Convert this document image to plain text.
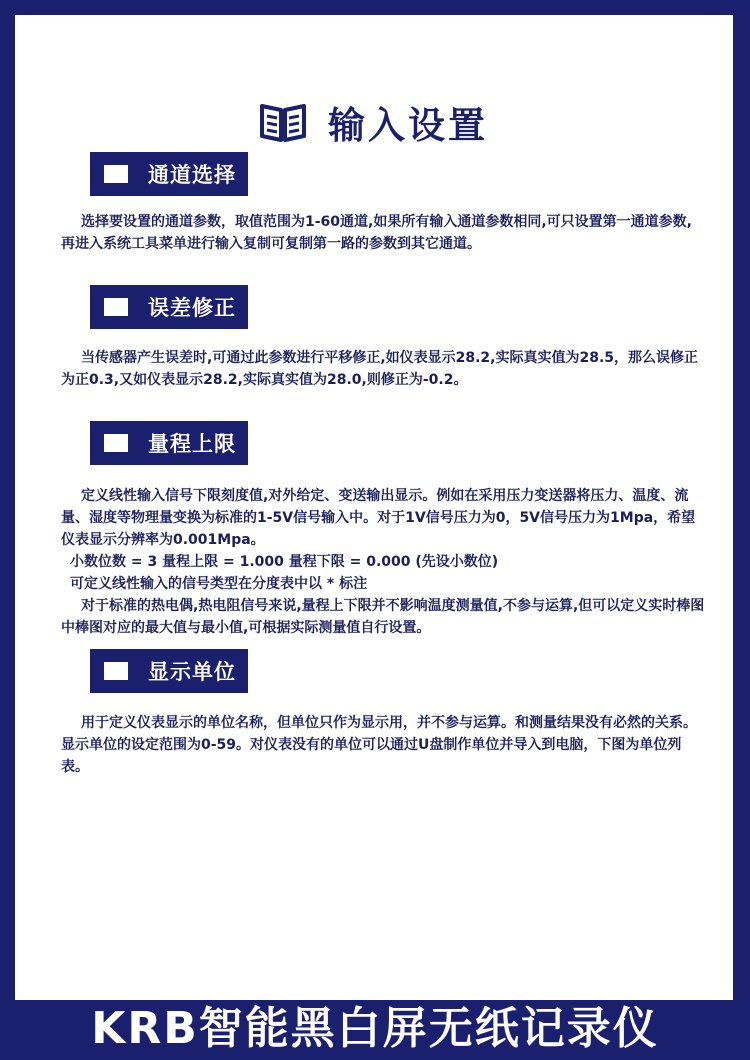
输入设置
通道选择

选择要设置的通道参数，取值范围为1-60通道,如果所有输入通道参数相同,可只设置第一通道参数,再进入系统工具菜单进行输入复制可复制第一路的参数到其它通道。

误差修正

当传感器产生误差时,可通过此参数进行平移修正,如仪表显示28.2,实际真实值为28.5，那么误修正为正0.3,又如仪表显示28.2,实际真实值为28.0,则修正为-0.2。

量程上限

定义线性输入信号下限刻度值,对外给定、变送输出显示。例如在采用压力变送器将压力、温度、流量、湿度等物理量变换为标准的1-5V信号输入中。对于1V信号压力为0，5V信号压力为1Mpa，希望仪表显示分辨率为0.001Mpa。

小数位数 = 3 量程上限 = 1.000 量程下限 = 0.000 (先设小数位)

可定义线性输入的信号类型在分度表中以 * 标注

对于标准的热电偶,热电阻信号来说,量程上下限并不影响温度测量值,不参与运算,但可以定义实时棒图中棒图对应的最大值与最小值,可根据实际测量值自行设置。

显示单位

用于定义仪表显示的单位名称，但单位只作为显示用，并不参与运算。和测量结果没有必然的关系。显示单位的设定范围为0-59。对仪表没有的单位可以通过U盘制作单位并导入到电脑，下图为单位列表。

KRB智能黑白屏无纸记录仪
